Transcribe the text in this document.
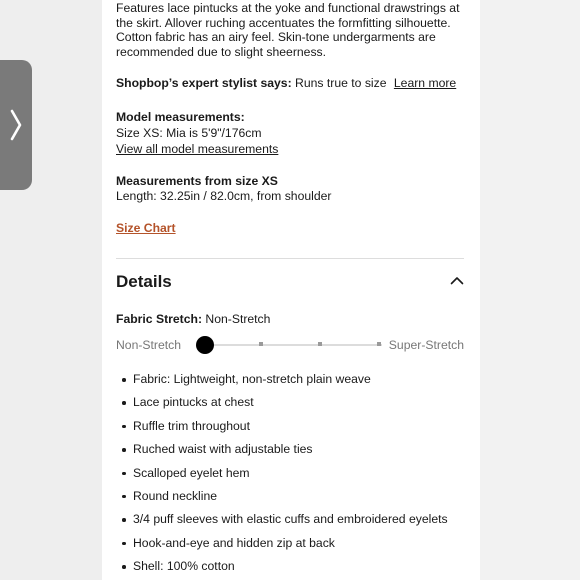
Features lace pintucks at the yoke and functional drawstrings at
the skirt. Allover ruching accentuates the formfitting silhouette.
Cotton fabric has an airy feel. Skin-tone undergarments are
recommended due to slight sheerness.

Shopbop’s expert stylist says: Runs true to size Learn more
Model measurements:
Size XS: Mia is 5'9"/176cm
View all model measurements
Measurements from size XS
Length: 32.25in / 82.0cm, from shoulder
Size Chart
Details
Fabric Stretch: Non-Stretch
Non-Stretch	Super-Stretch
Fabric: Lightweight, non-stretch plain weave
Lace pintucks at chest
Ruffle trim throughout
Ruched waist with adjustable ties
Scalloped eyelet hem
Round neckline
3/4 puff sleeves with elastic cuffs and embroidered eyelets
Hook-and-eye and hidden zip at back
Shell: 100% cotton
